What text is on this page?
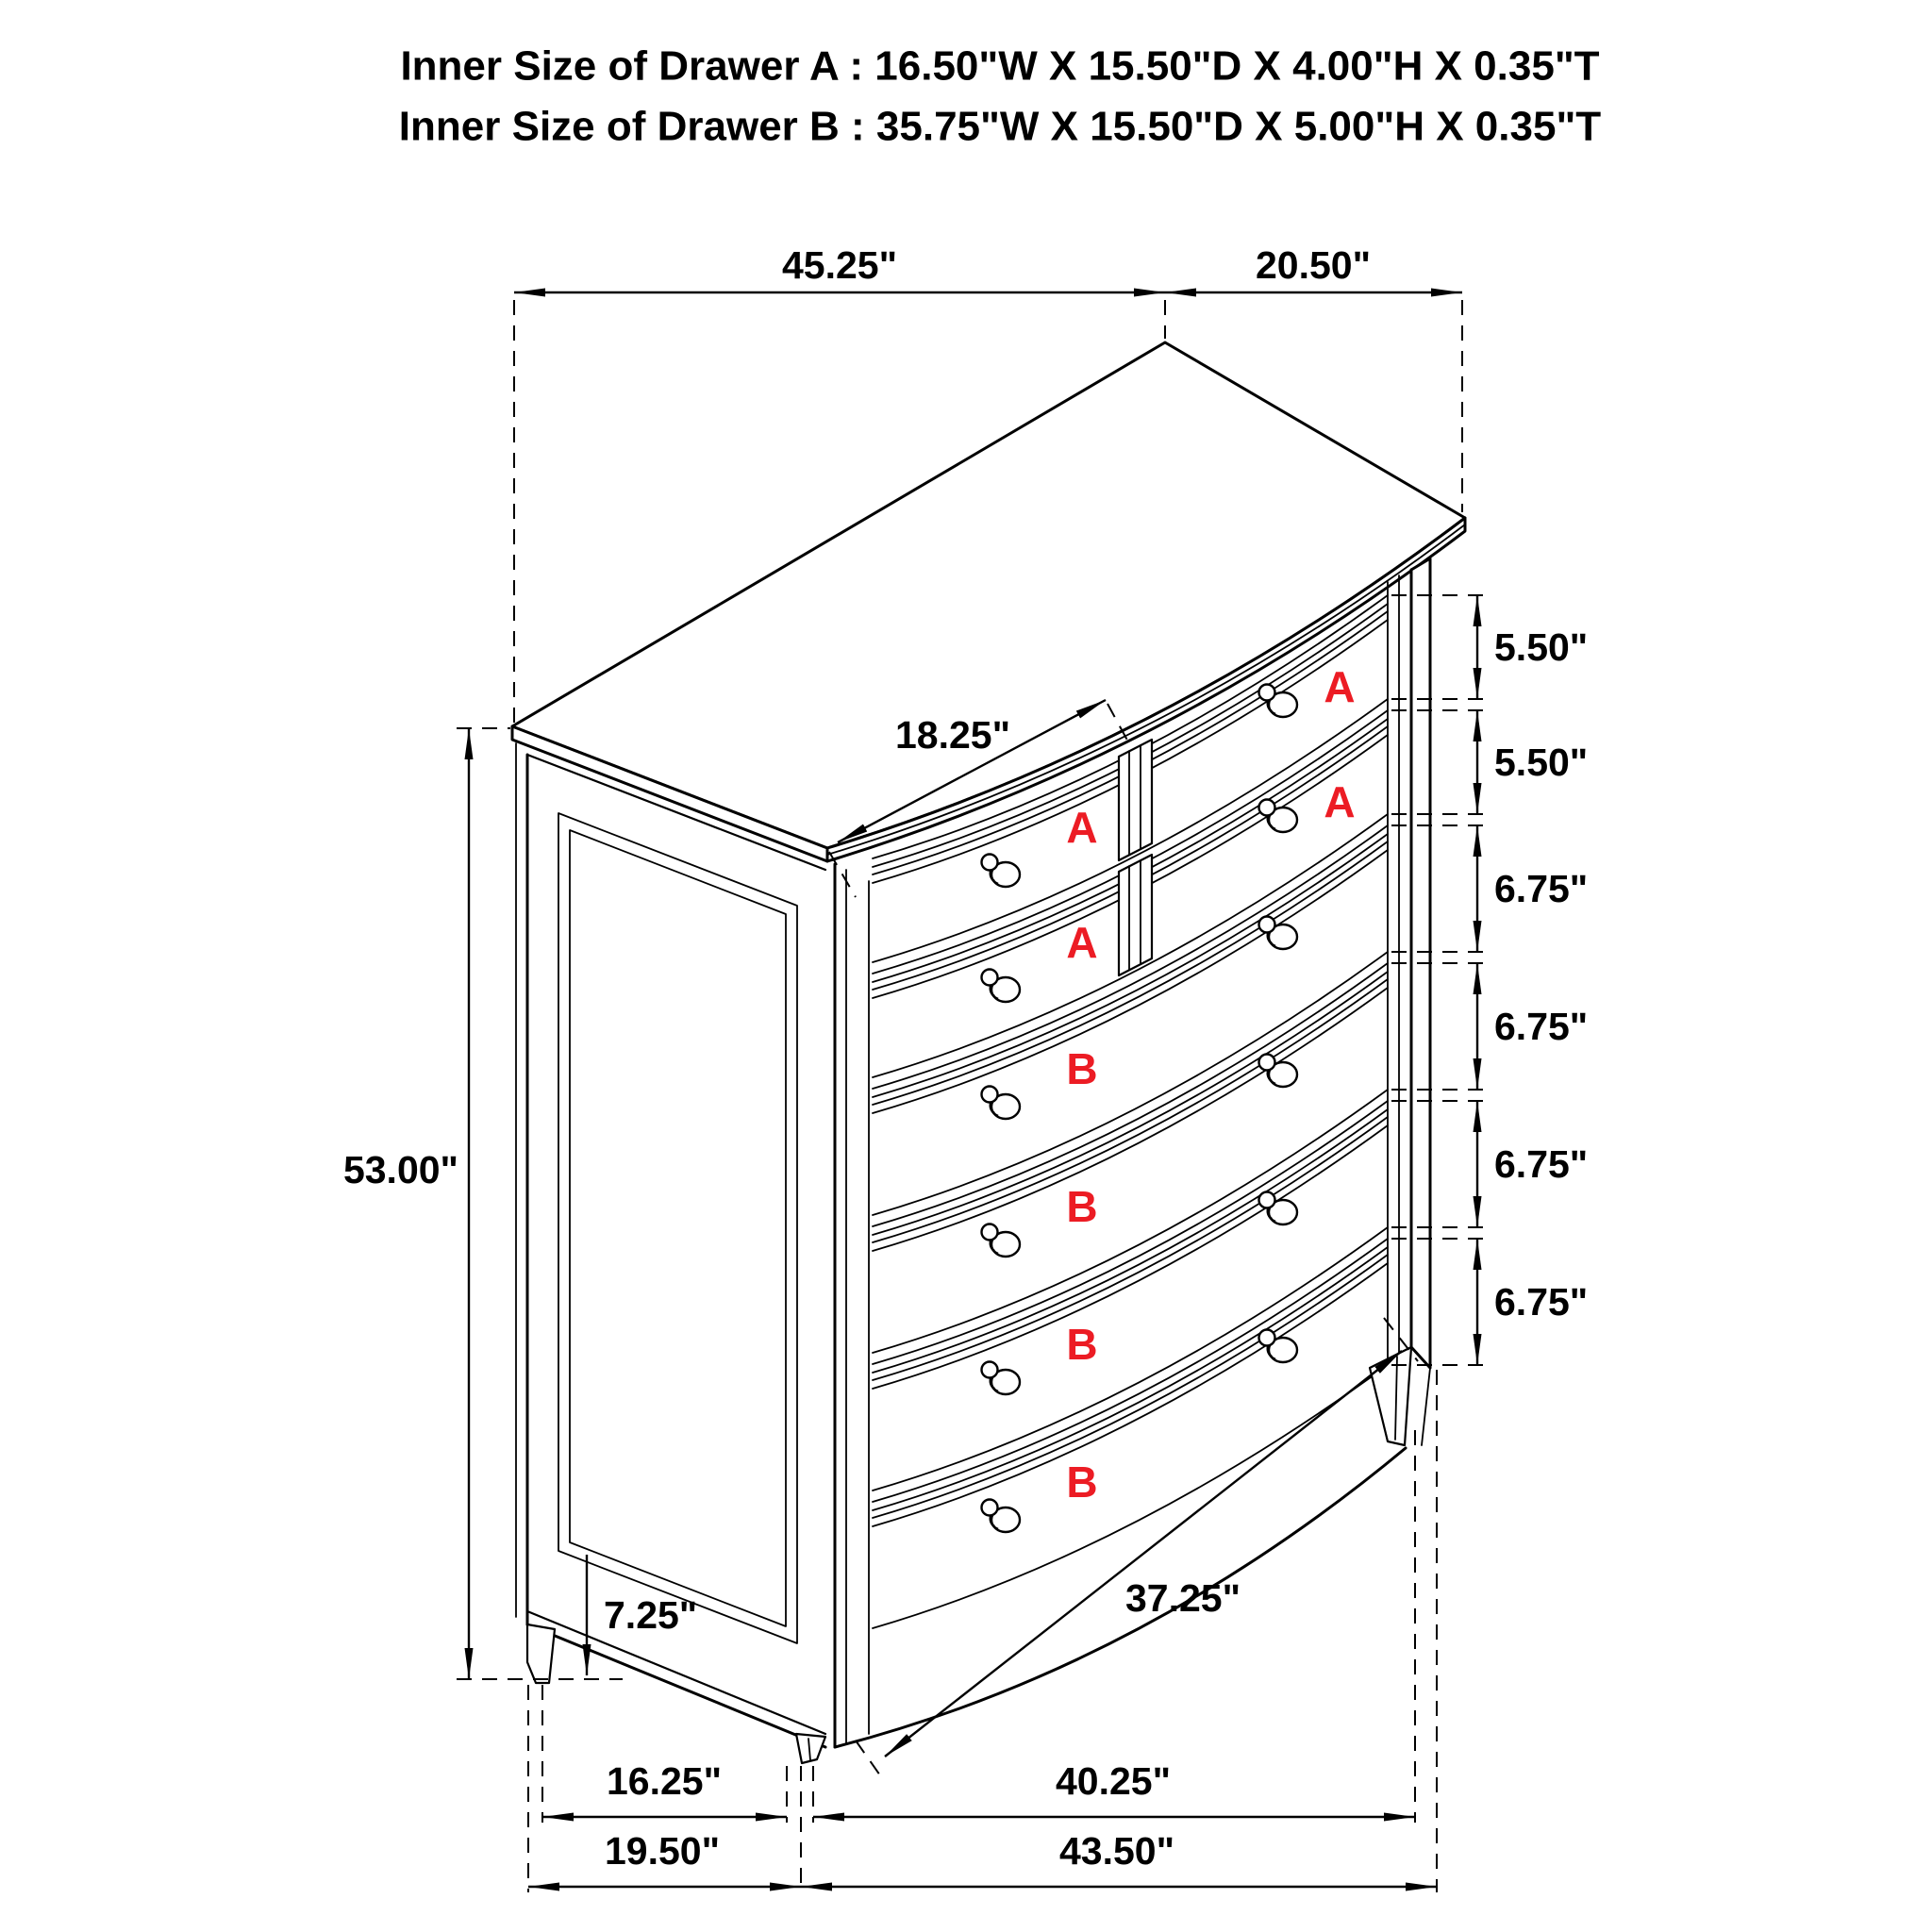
A
A
A
A
B
B
B
B
Inner Size of Drawer A : 16.50"W X 15.50"D X 4.00"H X 0.35"T
Inner Size of Drawer B : 35.75"W X 15.50"D X 5.00"H X 0.35"T
45.25"	20.50"
53.00"
7.25"
18.25"
37.25"
16.25"	40.25"
19.50"	43.50"
5.50"
5.50"
6.75"
6.75"
6.75"
6.75"
